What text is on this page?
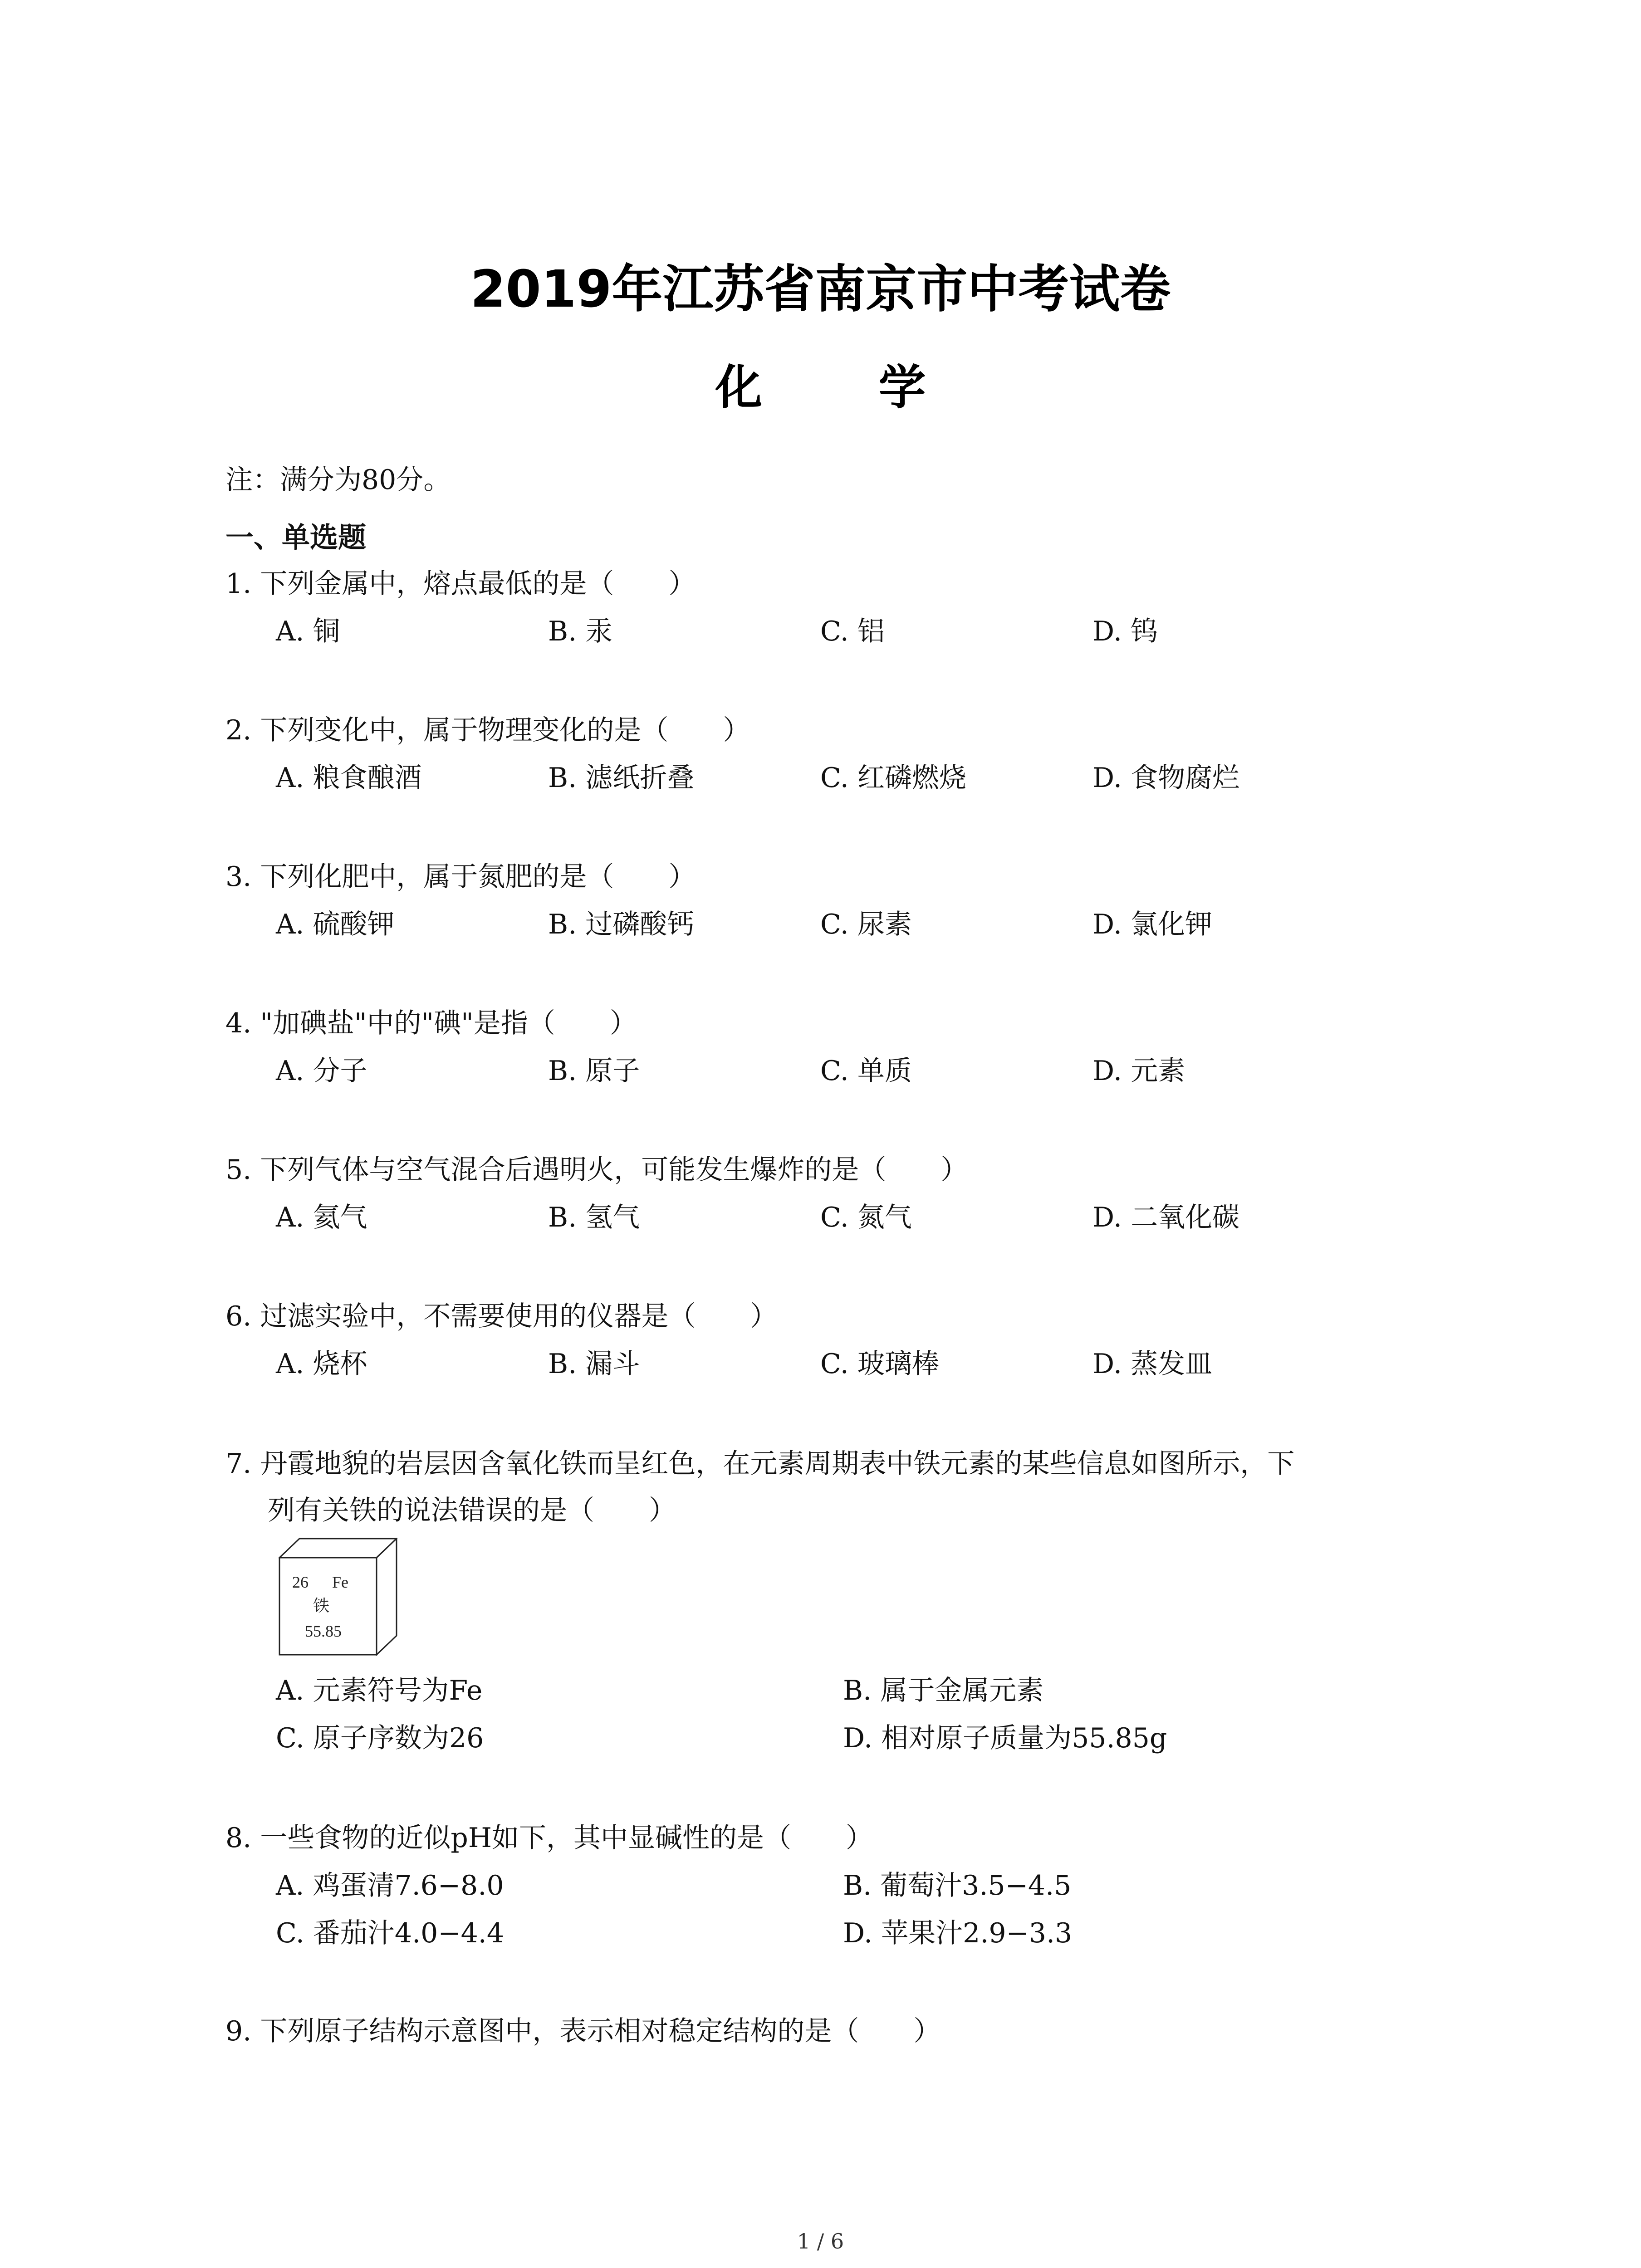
2019年江苏省南京市中考试卷
化 学
注：满分为80分。
一、单选题
1. 下列金属中，熔点最低的是（　　）
A. 铜	B. 汞	C. 铝	D. 钨
2. 下列变化中，属于物理变化的是（　　）
A. 粮食酿酒	B. 滤纸折叠	C. 红磷燃烧	D. 食物腐烂
3. 下列化肥中，属于氮肥的是（　　）
A. 硫酸钾	B. 过磷酸钙	C. 尿素	D. 氯化钾
4. "加碘盐"中的"碘"是指（　　）
A. 分子	B. 原子	C. 单质	D. 元素
5. 下列气体与空气混合后遇明火，可能发生爆炸的是（　　）
A. 氦气	B. 氢气	C. 氮气	D. 二氧化碳
6. 过滤实验中，不需要使用的仪器是（　　）
A. 烧杯	B. 漏斗	C. 玻璃棒	D. 蒸发皿
7. 丹霞地貌的岩层因含氧化铁而呈红色，在元素周期表中铁元素的某些信息如图所示，下
列有关铁的说法错误的是（　　）
26 Fe
铁
55.85
A. 元素符号为Fe	B. 属于金属元素
C. 原子序数为26	D. 相对原子质量为55.85g
8. 一些食物的近似pH如下，其中显碱性的是（　　）
A. 鸡蛋清7.6−8.0	B. 葡萄汁3.5−4.5
C. 番茄汁4.0−4.4	D. 苹果汁2.9−3.3
9. 下列原子结构示意图中，表示相对稳定结构的是（　　）
1 / 6
